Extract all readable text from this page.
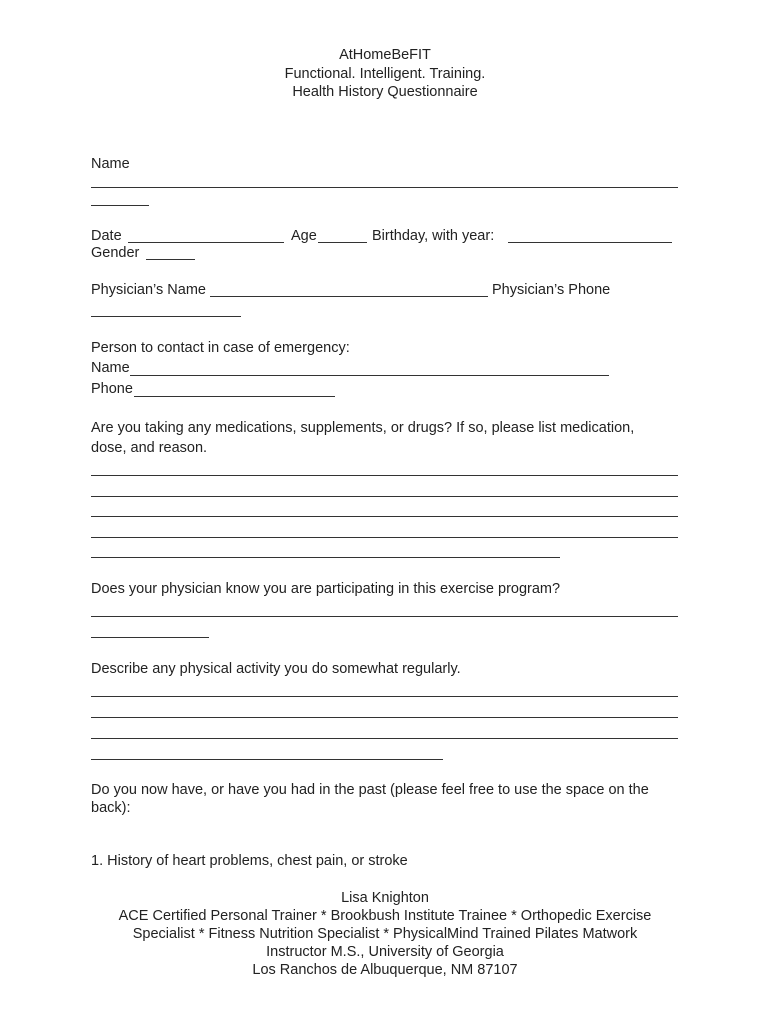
AtHomeBeFIT
Functional. Intelligent. Training.
Health History Questionnaire
Name
Date	Age	Birthday, with year:
Gender
Physician’s Name	Physician’s Phone
Person to contact in case of emergency:
Name
Phone
Are you taking any medications, supplements, or drugs? If so, please list medication,
dose, and reason.
Does your physician know you are participating in this exercise program?
Describe any physical activity you do somewhat regularly.
Do you now have, or have you had in the past (please feel free to use the space on the
back):
1. History of heart problems, chest pain, or stroke
Lisa Knighton
ACE Certified Personal Trainer * Brookbush Institute Trainee * Orthopedic Exercise
Specialist * Fitness Nutrition Specialist * PhysicalMind Trained Pilates Matwork
Instructor M.S., University of Georgia
Los Ranchos de Albuquerque, NM 87107
